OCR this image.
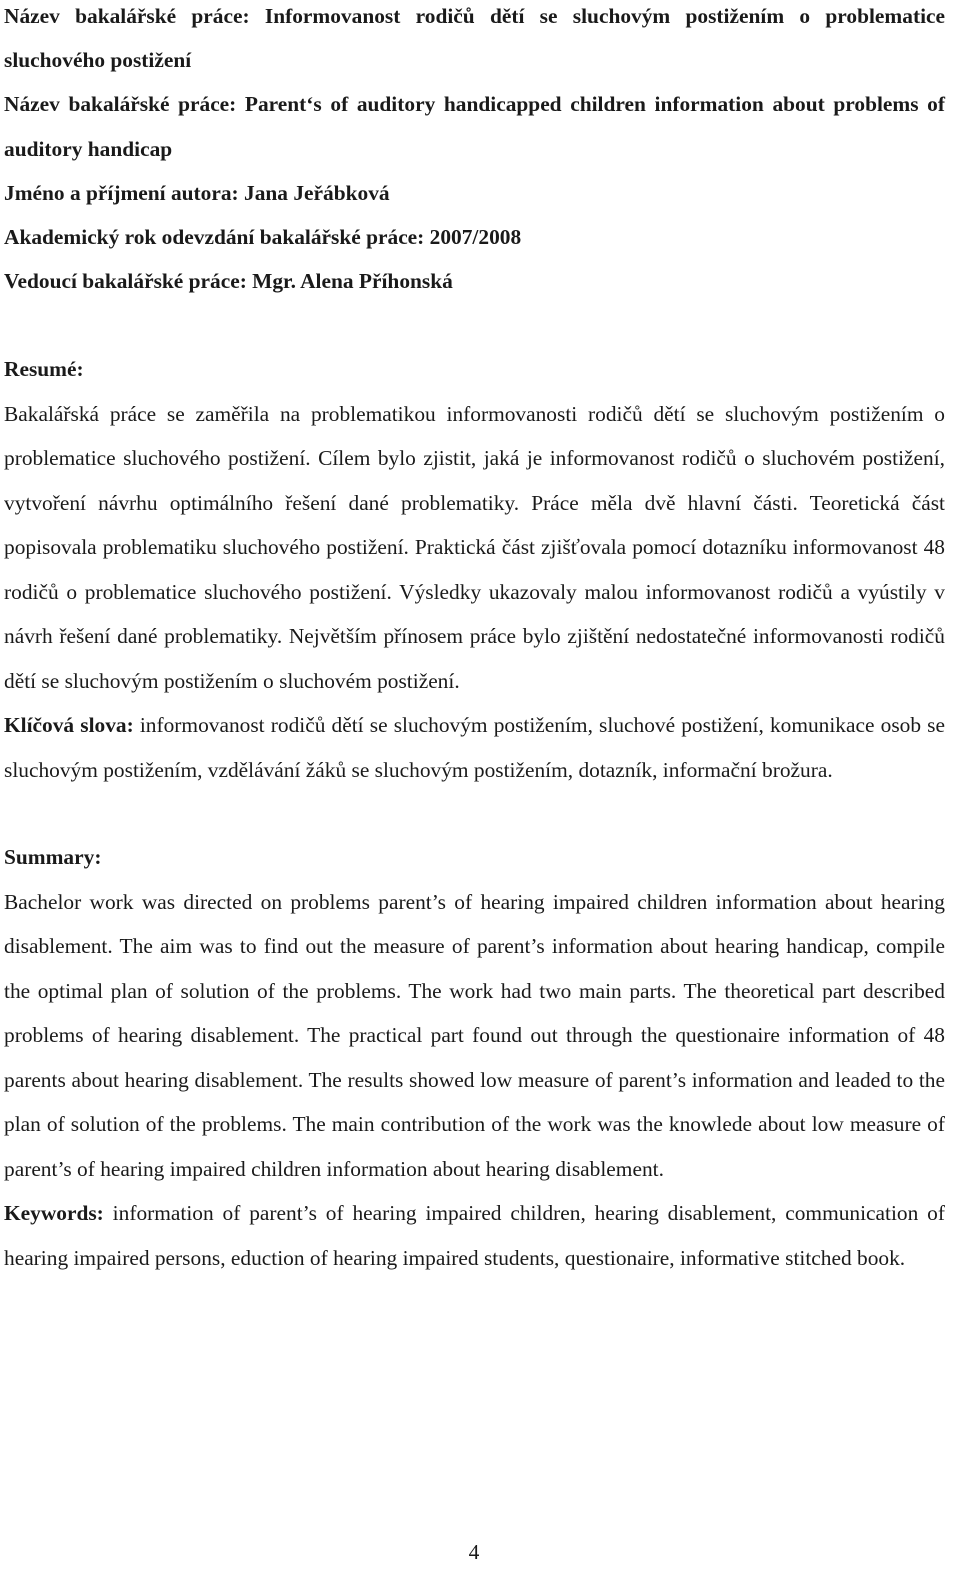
Název bakalářské práce: Informovanost rodičů dětí se sluchovým postižením o problematice sluchového postižení
Název bakalářské práce: Parent‘s of auditory handicapped children information about problems of auditory handicap
Jméno a příjmení autora: Jana Jeřábková
Akademický rok odevzdání bakalářské práce: 2007/2008
Vedoucí bakalářské práce: Mgr. Alena Příhonská
Resumé:
Bakalářská práce se zaměřila na problematikou informovanosti rodičů dětí se sluchovým postižením o problematice sluchového postižení. Cílem bylo zjistit, jaká je informovanost rodičů o sluchovém postižení, vytvoření návrhu optimálního řešení dané problematiky. Práce měla dvě hlavní části. Teoretická část popisovala problematiku sluchového postižení. Praktická část zjišťovala pomocí dotazníku informovanost 48 rodičů o problematice sluchového postižení. Výsledky ukazovaly malou informovanost rodičů a vyústily v návrh řešení dané problematiky. Největším přínosem práce bylo zjištění nedostatečné informovanosti rodičů dětí se sluchovým postižením o sluchovém postižení.
Klíčová slova: informovanost rodičů dětí se sluchovým postižením, sluchové postižení, komunikace osob se sluchovým postižením, vzdělávání žáků se sluchovým postižením, dotazník, informační brožura.
Summary:
Bachelor work was directed on problems parent’s of hearing impaired children information about hearing disablement. The aim was to find out the measure of parent’s information about hearing handicap, compile the optimal plan of solution of the problems. The work had two main parts. The theoretical part described problems of hearing disablement. The practical part found out through the questionaire information of 48 parents about hearing disablement. The results showed low measure of parent’s information and leaded to the plan of solution of the problems. The main contribution of the work was the knowlede about low measure of parent’s of hearing impaired children information about hearing disablement.
Keywords: information of parent’s of hearing impaired children, hearing disablement, communication of hearing impaired persons, eduction of hearing impaired students, questionaire, informative stitched book.
4
